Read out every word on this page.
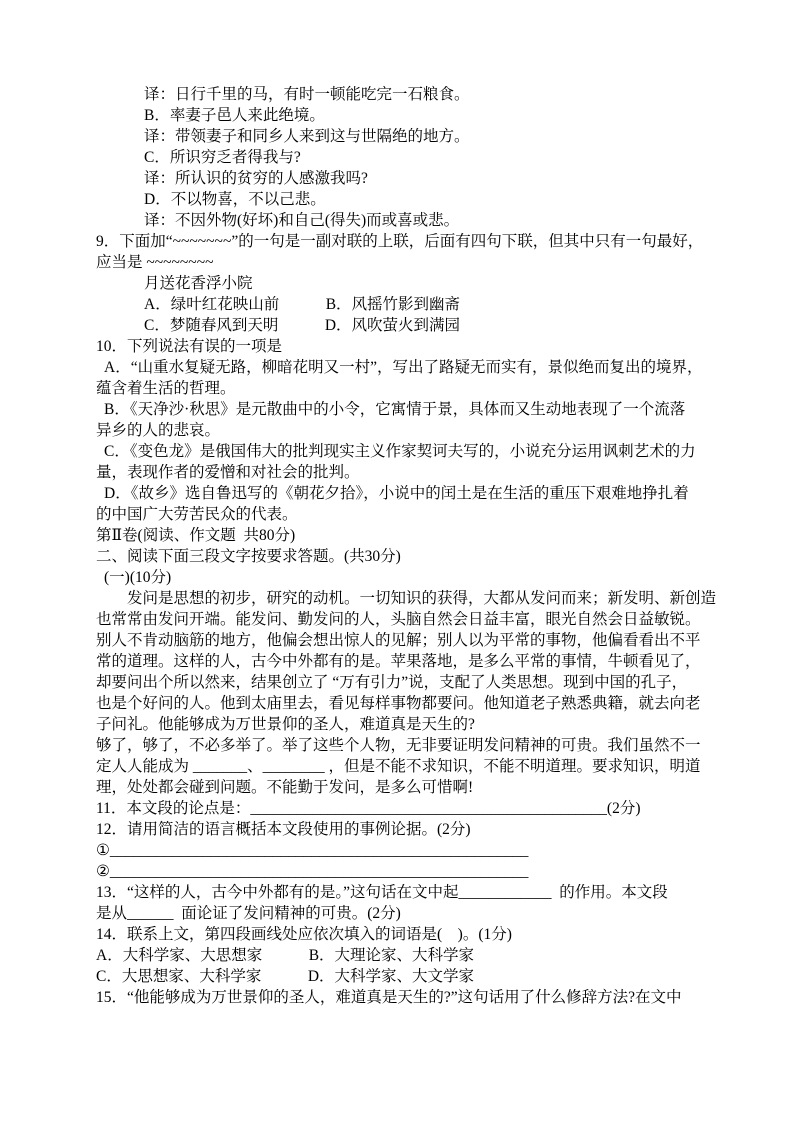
译：日行千里的马，有时一顿能吃完一石粮食。
B．率妻子邑人来此绝境。
译：带领妻子和同乡人来到这与世隔绝的地方。
C．所识穷乏者得我与?
译：所认识的贫穷的人感激我吗?
D．不以物喜，不以己悲。
译：不因外物(好坏)和自己(得失)而或喜或悲。
9．下面加“~~~~~~~”的一句是一副对联的上联，后面有四句下联，但其中只有一句最好，
应当是 ~~~~~~~~
月送花香浮小院
A．绿叶红花映山前　　　B．风摇竹影到幽斋
C．梦随春风到天明　　　D．风吹萤火到满园
10．下列说法有误的一项是
A．“山重水复疑无路，柳暗花明又一村”，写出了路疑无而实有，景似绝而复出的境界，
蕴含着生活的哲理。
B．《天净沙·秋思》是元散曲中的小令，它寓情于景，具体而又生动地表现了一个流落
异乡的人的悲哀。
C．《变色龙》是俄国伟大的批判现实主义作家契诃夫写的，小说充分运用讽刺艺术的力
量，表现作者的爱憎和对社会的批判。
D．《故乡》选自鲁迅写的《朝花夕拾》，小说中的闰土是在生活的重压下艰难地挣扎着
的中国广大劳苦民众的代表。
第Ⅱ卷(阅读、作文题  共80分)
二、阅读下面三段文字按要求答题。(共30分)
(一)(10分)
发问是思想的初步，研究的动机。一切知识的获得，大都从发问而来；新发明、新创造
也常常由发问开端。能发问、勤发问的人，头脑自然会日益丰富，眼光自然会日益敏锐。
别人不肯动脑筋的地方，他偏会想出惊人的见解；别人以为平常的事物，他偏看看出不平
常的道理。这样的人，古今中外都有的是。苹果落地，是多么平常的事情，牛顿看见了，
却要问出个所以然来，结果创立了 “万有引力”说，支配了人类思想。现到中国的孔子，
也是个好问的人。他到太庙里去，看见每样事物都要问。他知道老子熟悉典籍，就去向老
子问礼。他能够成为万世景仰的圣人，难道真是天生的?
够了，够了，不必多举了。举了这些个人物，无非要证明发问精神的可贵。我们虽然不一
定人人能成为 _______、________ ，但是不能不求知识，不能不明道理。要求知识，明道
理，处处都会碰到问题。不能勤于发问，是多么可惜啊!
11．本文段的论点是：______________________________________________(2分)
12．请用简洁的语言概括本文段使用的事例论据。(2分)
①______________________________________________________
②______________________________________________________
13．“这样的人，古今中外都有的是。”这句话在文中起____________  的作用。本文段
是从______  面论证了发问精神的可贵。(2分)
14．联系上文，第四段画线处应依次填入的词语是(    )。(1分)
A．大科学家、大思想家　　　B．大理论家、大科学家
C．大思想家、大科学家　　　D．大科学家、大文学家
15．“他能够成为万世景仰的圣人，难道真是天生的?”这句话用了什么修辞方法?在文中
